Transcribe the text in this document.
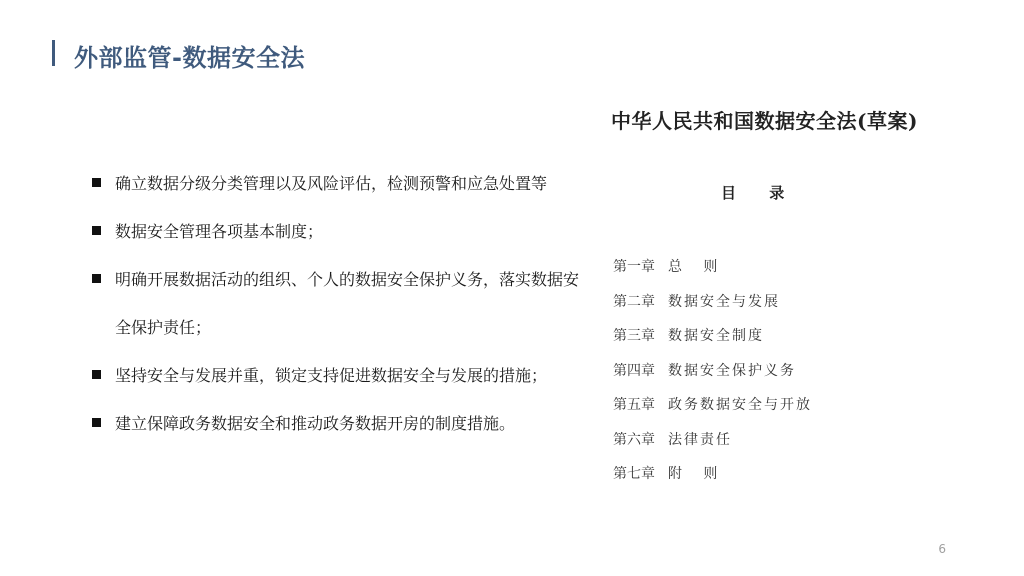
外部监管-数据安全法
确立数据分级分类管理以及风险评估，检测预警和应急处置等
数据安全管理各项基本制度；
明确开展数据活动的组织、个人的数据安全保护义务，落实数据安全保护责任；
坚持安全与发展并重，锁定支持促进数据安全与发展的措施；
建立保障政务数据安全和推动政务数据开房的制度措施。
中华人民共和国数据安全法(草案)
目 录
第一章 总   则
第二章 数据安全与发展
第三章 数据安全制度
第四章 数据安全保护义务
第五章 政务数据安全与开放
第六章 法律责任
第七章 附   则
6
